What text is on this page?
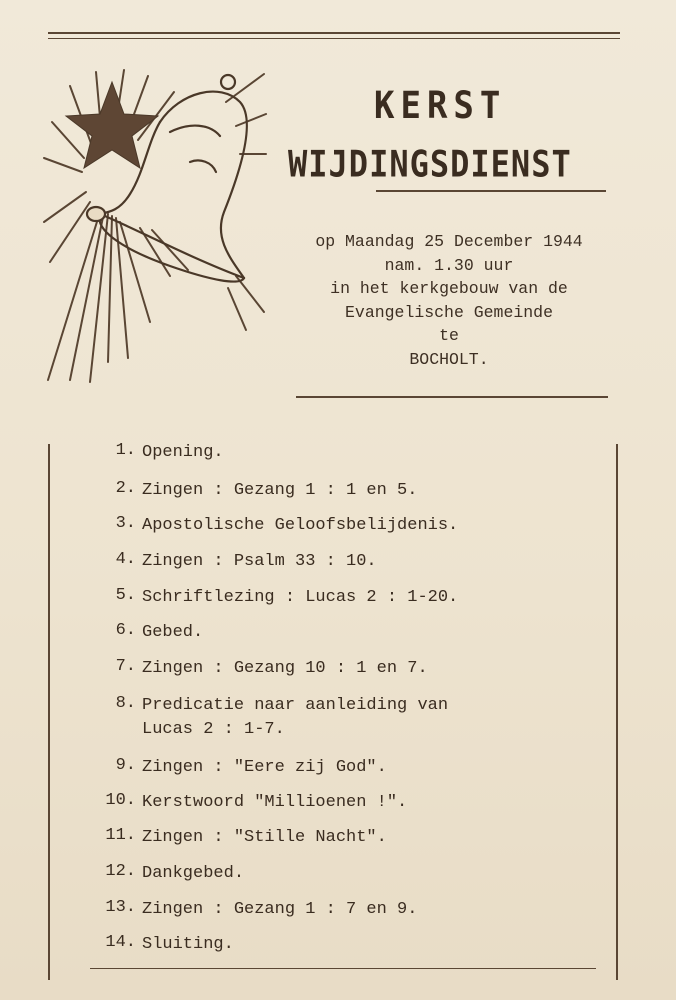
KERST
WIJDINGSDIENST
op Maandag 25 December 1944
nam. 1.30 uur
in het kerkgebouw van de
Evangelische Gemeinde
te
BOCHOLT.
1. Opening.
2. Zingen : Gezang 1 : 1 en 5.
3. Apostolische Geloofsbelijdenis.
4. Zingen : Psalm 33 : 10.
5. Schriftlezing : Lucas 2 : 1-20.
6. Gebed.
7. Zingen : Gezang 10 : 1 en 7.
8. Predicatie naar aanleiding van
Lucas 2 : 1-7.
9. Zingen : "Eere zij God".
10. Kerstwoord "Millioenen !".
11. Zingen : "Stille Nacht".
12. Dankgebed.
13. Zingen : Gezang 1 : 7 en 9.
14. Sluiting.
